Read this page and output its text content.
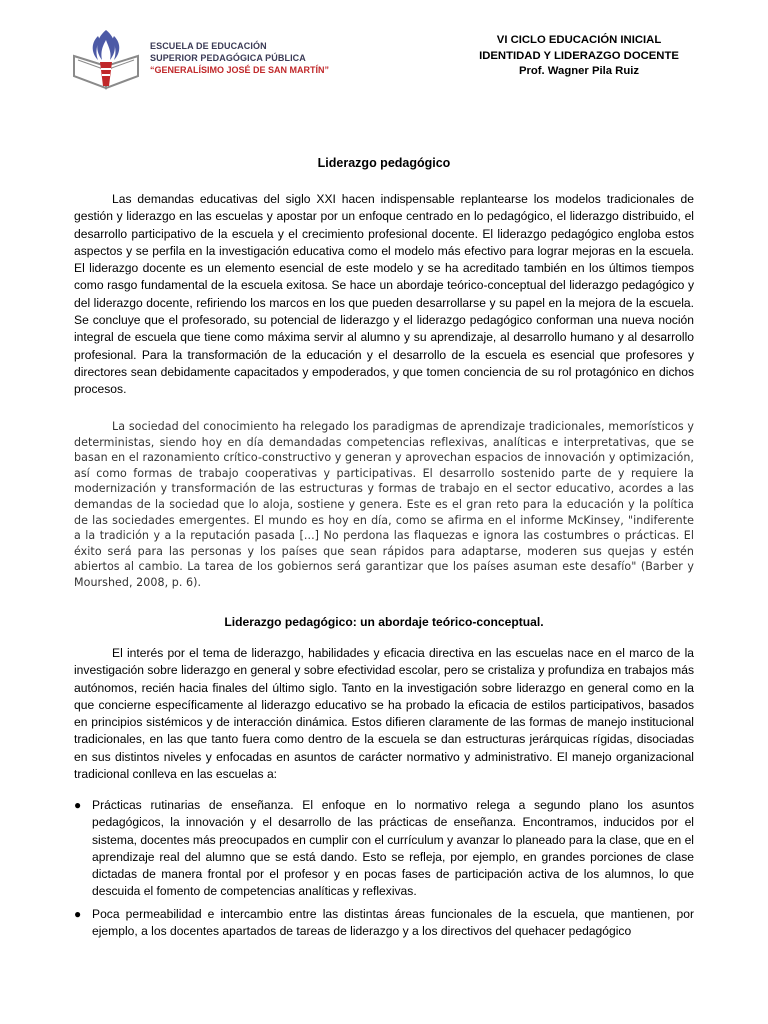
ESCUELA DE EDUCACIÓN
SUPERIOR PEDAGÓGICA PÚBLICA
“GENERALÍSIMO JOSÉ DE SAN MARTÍN”
VI CICLO EDUCACIÓN INICIAL
IDENTIDAD Y LIDERAZGO DOCENTE
Prof. Wagner Pila Ruiz
Liderazgo pedagógico

Las demandas educativas del siglo XXI hacen indispensable replantearse los modelos tradicionales de gestión y liderazgo en las escuelas y apostar por un enfoque centrado en lo pedagógico, el liderazgo distribuido, el desarrollo participativo de la escuela y el crecimiento profesional docente. El liderazgo pedagógico engloba estos aspectos y se perfila en la investigación educativa como el modelo más efectivo para lograr mejoras en la escuela. El liderazgo docente es un elemento esencial de este modelo y se ha acreditado también en los últimos tiempos como rasgo fundamental de la escuela exitosa. Se hace un abordaje teórico-conceptual del liderazgo pedagógico y del liderazgo docente, refiriendo los marcos en los que pueden desarrollarse y su papel en la mejora de la escuela. Se concluye que el profesorado, su potencial de liderazgo y el liderazgo pedagógico conforman una nueva noción integral de escuela que tiene como máxima servir al alumno y su aprendizaje, al desarrollo humano y al desarrollo profesional. Para la transformación de la educación y el desarrollo de la escuela es esencial que profesores y directores sean debidamente capacitados y empoderados, y que tomen conciencia de su rol protagónico en dichos procesos.

La sociedad del conocimiento ha relegado los paradigmas de aprendizaje tradicionales, memorísticos y deterministas, siendo hoy en día demandadas competencias reflexivas, analíticas e interpretativas, que se basan en el razonamiento crítico-constructivo y generan y aprovechan espacios de innovación y optimización, así como formas de trabajo cooperativas y participativas. El desarrollo sostenido parte de y requiere la modernización y transformación de las estructuras y formas de trabajo en el sector educativo, acordes a las demandas de la sociedad que lo aloja, sostiene y genera. Este es el gran reto para la educación y la política de las sociedades emergentes. El mundo es hoy en día, como se afirma en el informe McKinsey, "indiferente a la tradición y a la reputación pasada [...] No perdona las flaquezas e ignora las costumbres o prácticas. El éxito será para las personas y los países que sean rápidos para adaptarse, moderen sus quejas y estén abiertos al cambio. La tarea de los gobiernos será garantizar que los países asuman este desafío" (Barber y Mourshed, 2008, p. 6).

Liderazgo pedagógico: un abordaje teórico-conceptual.

El interés por el tema de liderazgo, habilidades y eficacia directiva en las escuelas nace en el marco de la investigación sobre liderazgo en general y sobre efectividad escolar, pero se cristaliza y profundiza en trabajos más autónomos, recién hacia finales del último siglo. Tanto en la investigación sobre liderazgo en general como en la que concierne específicamente al liderazgo educativo se ha probado la eficacia de estilos participativos, basados en principios sistémicos y de interacción dinámica. Estos difieren claramente de las formas de manejo institucional tradicionales, en las que tanto fuera como dentro de la escuela se dan estructuras jerárquicas rígidas, disociadas en sus distintos niveles y enfocadas en asuntos de carácter normativo y administrativo. El manejo organizacional tradicional conlleva en las escuelas a:

● Prácticas rutinarias de enseñanza. El enfoque en lo normativo relega a segundo plano los asuntos pedagógicos, la innovación y el desarrollo de las prácticas de enseñanza. Encontramos, inducidos por el sistema, docentes más preocupados en cumplir con el currículum y avanzar lo planeado para la clase, que en el aprendizaje real del alumno que se está dando. Esto se refleja, por ejemplo, en grandes porciones de clase dictadas de manera frontal por el profesor y en pocas fases de participación activa de los alumnos, lo que descuida el fomento de competencias analíticas y reflexivas.
● Poca permeabilidad e intercambio entre las distintas áreas funcionales de la escuela, que mantienen, por ejemplo, a los docentes apartados de tareas de liderazgo y a los directivos del quehacer pedagógico
